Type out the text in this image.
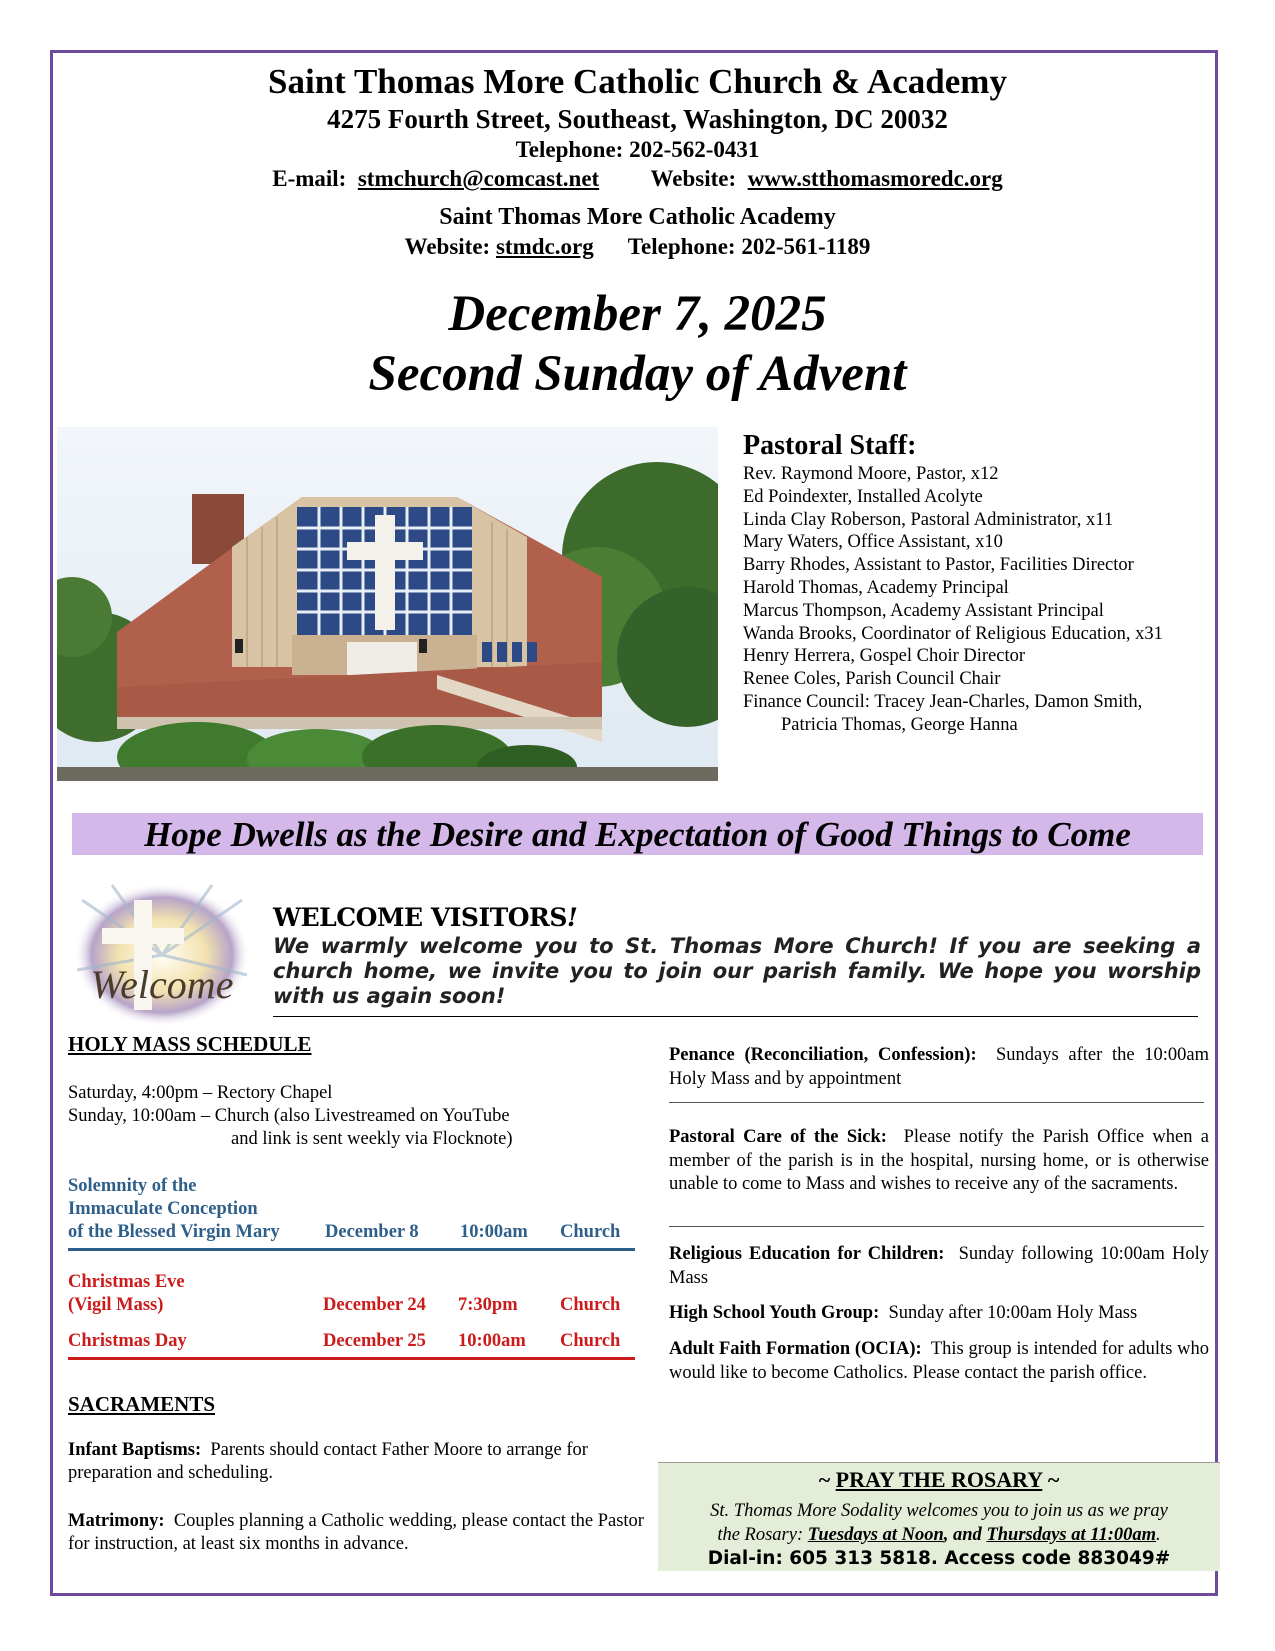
Saint Thomas More Catholic Church & Academy
4275 Fourth Street, Southeast, Washington, DC 20032
Telephone: 202-562-0431
E-mail: stmchurch@comcast.net Website: www.stthomasmoredc.org
Saint Thomas More Catholic Academy
Website: stmdc.org Telephone: 202-561-1189
December 7, 2025
Second Sunday of Advent
Pastoral Staff:
Rev. Raymond Moore, Pastor, x12
Ed Poindexter, Installed Acolyte
Linda Clay Roberson, Pastoral Administrator, x11
Mary Waters, Office Assistant, x10
Barry Rhodes, Assistant to Pastor, Facilities Director
Harold Thomas, Academy Principal
Marcus Thompson, Academy Assistant Principal
Wanda Brooks, Coordinator of Religious Education, x31
Henry Herrera, Gospel Choir Director
Renee Coles, Parish Council Chair
Finance Council: Tracey Jean-Charles, Damon Smith,
Patricia Thomas, George Hanna
Hope Dwells as the Desire and Expectation of Good Things to Come
Welcome
WELCOME VISITORS!
We warmly welcome you to St. Thomas More Church! If you are seeking a church home, we invite you to join our parish family. We hope you worship with us again soon!
HOLY MASS SCHEDULE
Saturday, 4:00pm – Rectory Chapel
Sunday, 10:00am – Church (also Livestreamed on YouTube
and link is sent weekly via Flocknote)
Solemnity of the
Immaculate Conception
of the Blessed Virgin Mary December 8 10:00am Church
Christmas Eve
(Vigil Mass)	December 24 7:30pm Church
Christmas Day	December 25 10:00am Church
SACRAMENTS
Infant Baptisms: Parents should contact Father Moore to arrange for preparation and scheduling.
Matrimony: Couples planning a Catholic wedding, please contact the Pastor for instruction, at least six months in advance.
Penance (Reconciliation, Confession): Sundays after the 10:00am Holy Mass and by appointment
Pastoral Care of the Sick: Please notify the Parish Office when a member of the parish is in the hospital, nursing home, or is otherwise unable to come to Mass and wishes to receive any of the sacraments.
Religious Education for Children: Sunday following 10:00am Holy Mass
High School Youth Group: Sunday after 10:00am Holy Mass
Adult Faith Formation (OCIA): This group is intended for adults who would like to become Catholics. Please contact the parish office.
~ PRAY THE ROSARY ~
St. Thomas More Sodality welcomes you to join us as we pray
the Rosary: Tuesdays at Noon, and Thursdays at 11:00am.
Dial-in: 605 313 5818. Access code 883049#
